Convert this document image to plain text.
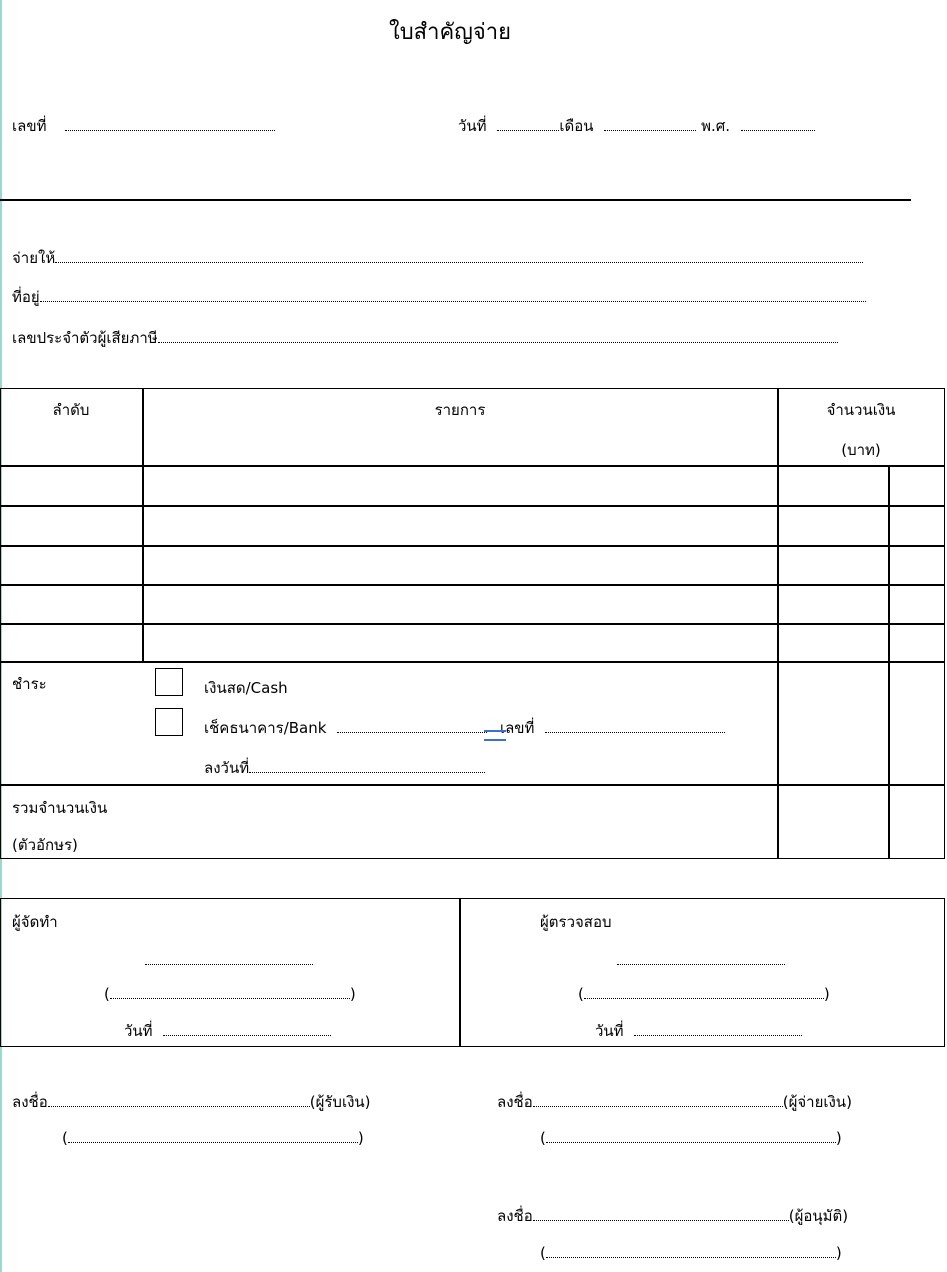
ใบสำคัญจ่าย
เลขที่	วันที่	เดือน	พ.ศ.
จ่ายให้
ที่อยู่
เลขประจำตัวผู้เสียภาษี
ลำดับ	รายการ	จำนวนเงิน
(บาท)
ชำระ	เงินสด/Cash
เช็คธนาคาร/Bank	เลขที่
ลงวันที่
รวมจำนวนเงิน
(ตัวอักษร)
ผู้จัดทำ
(	)
วันที่
ผู้ตรวจสอบ
(	)
วันที่
ลงชื่อ	(ผู้รับเงิน)
(	)
ลงชื่อ	(ผู้จ่ายเงิน)
(	)
ลงชื่อ	(ผู้อนุมัติ)
(	)
